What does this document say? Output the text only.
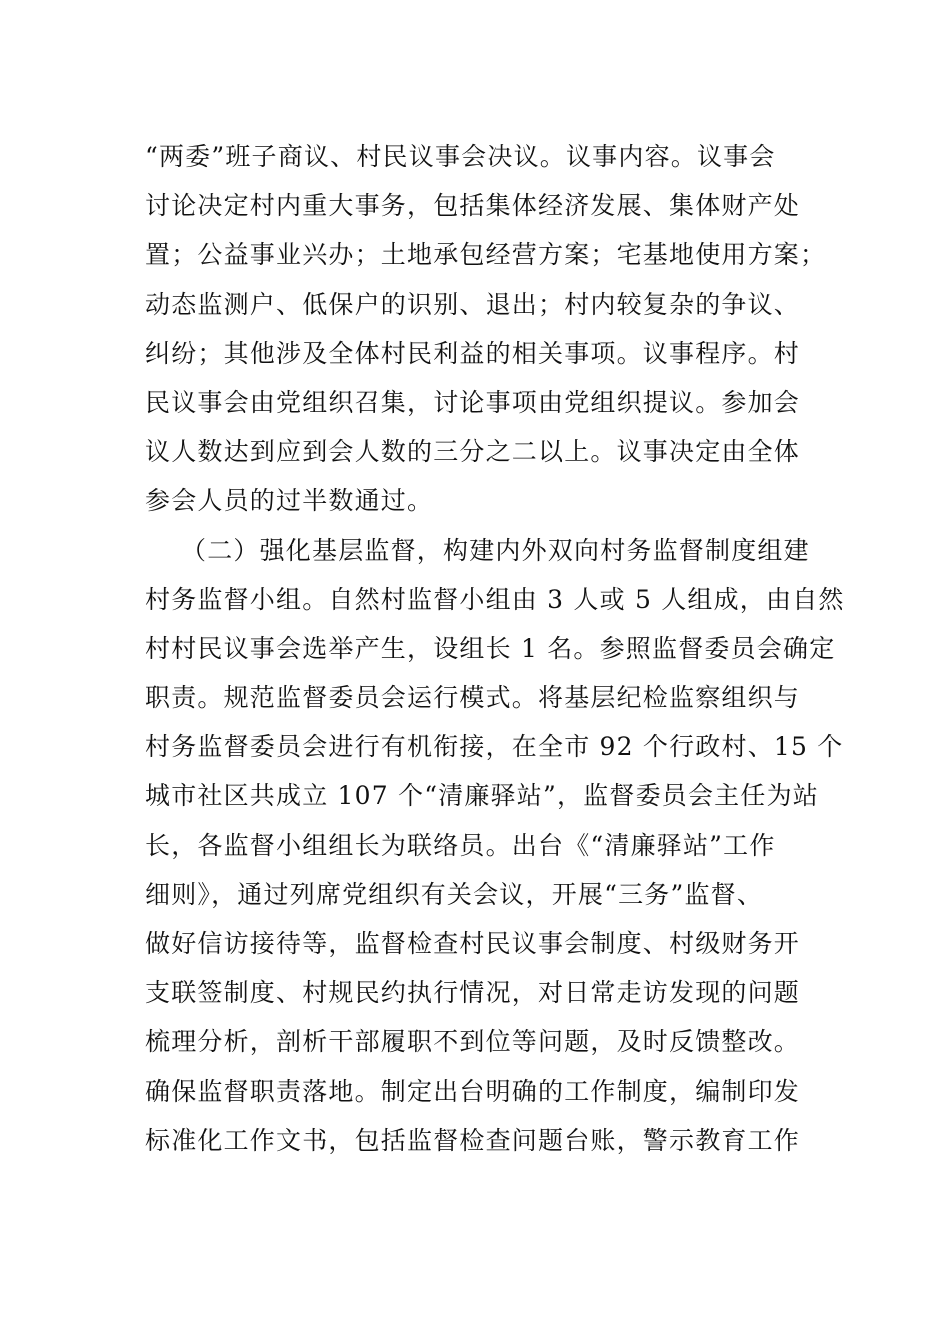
“两委”班子商议、村民议事会决议。议事内容。议事会
讨论决定村内重大事务，包括集体经济发展、集体财产处
置；公益事业兴办；土地承包经营方案；宅基地使用方案；
动态监测户、低保户的识别、退出；村内较复杂的争议、
纠纷；其他涉及全体村民利益的相关事项。议事程序。村
民议事会由党组织召集，讨论事项由党组织提议。参加会
议人数达到应到会人数的三分之二以上。议事决定由全体
参会人员的过半数通过。
（二）强化基层监督，构建内外双向村务监督制度组建
村务监督小组。自然村监督小组由 3 人或 5 人组成，由自然
村村民议事会选举产生，设组长 1 名。参照监督委员会确定
职责。规范监督委员会运行模式。将基层纪检监察组织与
村务监督委员会进行有机衔接，在全市 92 个行政村、15 个
城市社区共成立 107 个“清廉驿站”，监督委员会主任为站
长，各监督小组组长为联络员。出台《“清廉驿站”工作
细则》，通过列席党组织有关会议，开展“三务”监督、
做好信访接待等，监督检查村民议事会制度、村级财务开
支联签制度、村规民约执行情况，对日常走访发现的问题
梳理分析，剖析干部履职不到位等问题，及时反馈整改。
确保监督职责落地。制定出台明确的工作制度，编制印发
标准化工作文书，包括监督检查问题台账，警示教育工作
